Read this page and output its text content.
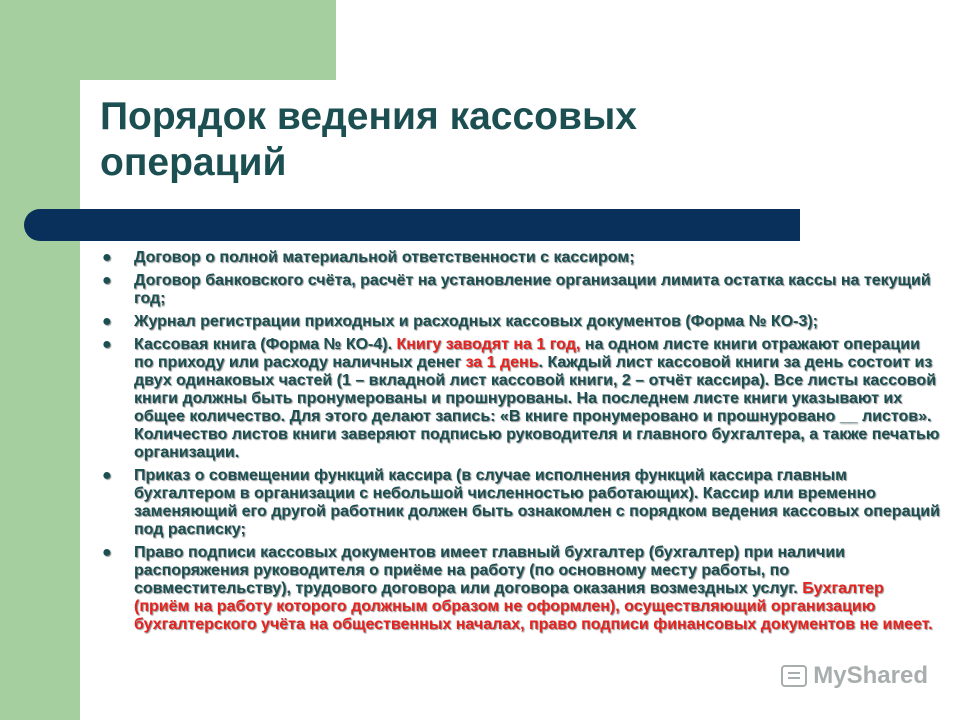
Порядок ведения кассовых операций
● Договор о полной материальной ответственности с кассиром;
● Договор банковского счёта, расчёт на установление организации лимита остатка кассы на текущий год;
● Журнал регистрации приходных и расходных кассовых документов (Форма № КО-3);
● Кассовая книга (Форма № КО-4). Книгу заводят на 1 год, на одном листе книги отражают операции по приходу или расходу наличных денег за 1 день. Каждый лист кассовой книги за день состоит из двух одинаковых частей (1 – вкладной лист кассовой книги, 2 – отчёт кассира). Все листы кассовой книги должны быть пронумерованы и прошнурованы. На последнем листе книги указывают их общее количество. Для этого делают запись: «В книге пронумеровано и прошнуровано __ листов». Количество листов книги заверяют подписью руководителя и главного бухгалтера, а также печатью организации.
● Приказ о совмещении функций кассира (в случае исполнения функций кассира главным бухгалтером в организации с небольшой численностью работающих). Кассир или временно заменяющий его другой работник должен быть ознакомлен с порядком ведения кассовых операций под расписку;
● Право подписи кассовых документов имеет главный бухгалтер (бухгалтер) при наличии распоряжения руководителя о приёме на работу (по основному месту работы, по совместительству), трудового договора или договора оказания возмездных услуг. Бухгалтер (приём на работу которого должным образом не оформлен), осуществляющий организацию бухгалтерского учёта на общественных началах, право подписи финансовых документов не имеет.
MyShared
